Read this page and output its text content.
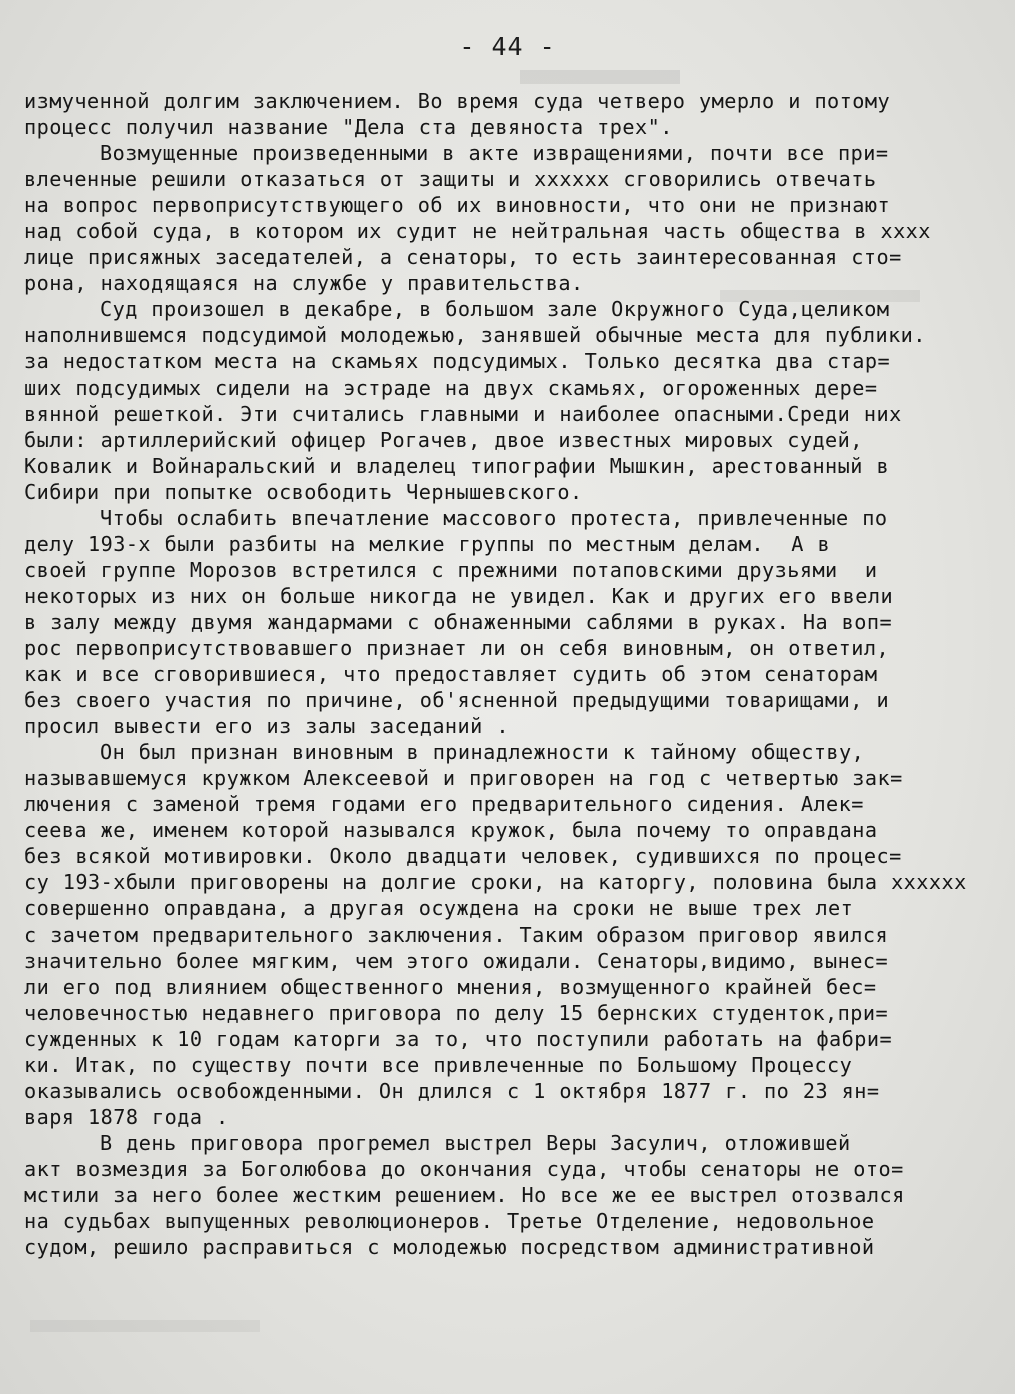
- 44 -
измученной долгим заключением. Во время суда четверо умерло и потому
процесс получил название "Дела ста девяноста трех".
Возмущенные произведенными в акте извращениями, почти все при=
влеченные решили отказаться от защиты и хххххх сговорились отвечать
на вопрос первоприсутствующего об их виновности, что они не признают
над собой суда, в котором их судит не нейтральная часть общества в хххх
лице присяжных заседателей, а сенаторы, то есть заинтересованная сто=
рона, находящаяся на службе у правительства.
Суд произошел в декабре, в большом зале Окружного Суда,целиком
наполнившемся подсудимой молодежью, занявшей обычные места для публики.
за недостатком места на скамьях подсудимых. Только десятка два стар=
ших подсудимых сидели на эстраде на двух скамьях, огороженных дере=
вянной решеткой. Эти считались главными и наиболее опасными.Среди них
были: артиллерийский офицер Рогачев, двое известных мировых судей,
Ковалик и Войнаральский и владелец типографии Мышкин, арестованный в
Сибири при попытке освободить Чернышевского.
Чтобы ослабить впечатление массового протеста, привлеченные по
делу 193-х были разбиты на мелкие группы по местным делам.  А в
своей группе Морозов встретился с прежними потаповскими друзьями  и
некоторых из них он больше никогда не увидел. Как и других его ввели
в залу между двумя жандармами с обнаженными саблями в руках. На воп=
рос первоприсутствовавшего признает ли он себя виновным, он ответил,
как и все сговорившиеся, что предоставляет судить об этом сенаторам
без своего участия по причине, об'ясненной предыдущими товарищами, и
просил вывести его из залы заседаний .
Он был признан виновным в принадлежности к тайному обществу,
называвшемуся кружком Алексеевой и приговорен на год с четвертью зак=
лючения с заменой тремя годами его предварительного сидения. Алек=
сеева же, именем которой назывался кружок, была почему то оправдана
без всякой мотивировки. Около двадцати человек, судившихся по процес=
су 193-хбыли приговорены на долгие сроки, на каторгу, половина была хххххх
совершенно оправдана, а другая осуждена на сроки не выше трех лет
с зачетом предварительного заключения. Таким образом приговор явился
значительно более мягким, чем этого ожидали. Сенаторы,видимо, вынес=
ли его под влиянием общественного мнения, возмущенного крайней бес=
человечностью недавнего приговора по делу 15 бернских студенток,при=
сужденных к 10 годам каторги за то, что поступили работать на фабри=
ки. Итак, по существу почти все привлеченные по Большому Процессу
оказывались освобожденными. Он длился с 1 октября 1877 г. по 23 ян=
варя 1878 года .
В день приговора прогремел выстрел Веры Засулич, отложившей
акт возмездия за Боголюбова до окончания суда, чтобы сенаторы не ото=
мстили за него более жестким решением. Но все же ее выстрел отозвался
на судьбах выпущенных революционеров. Третье Отделение, недовольное
судом, решило расправиться с молодежью посредством административной
